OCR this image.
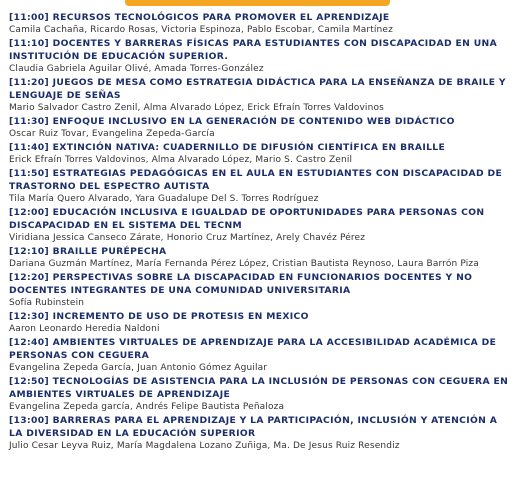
[11:00] RECURSOS TECNOLÓGICOS PARA PROMOVER EL APRENDIZAJE
Camila Cachaña, Ricardo Rosas, Victoria Espinoza, Pablo Escobar, Camila Martínez
[11:10] DOCENTES Y BARRERAS FÍSICAS PARA ESTUDIANTES CON DISCAPACIDAD EN UNA INSTITUCIÓN DE EDUCACIÓN SUPERIOR.
Claudia Gabriela Aguilar Olivé, Amada Torres-González
[11:20] JUEGOS DE MESA COMO ESTRATEGIA DIDÁCTICA PARA LA ENSEÑANZA DE BRAILE Y LENGUAJE DE SEÑAS
Mario Salvador Castro Zenil, Alma Alvarado López, Erick Efraín Torres Valdovinos
[11:30] ENFOQUE INCLUSIVO EN LA GENERACIÓN DE CONTENIDO WEB DIDÁCTICO
Oscar Ruiz Tovar, Evangelina Zepeda-García
[11:40] EXTINCIÓN NATIVA: CUADERNILLO DE DIFUSIÓN CIENTÍFICA EN BRAILLE
Erick Efraín Torres Valdovinos, Alma Alvarado López, Mario S. Castro Zenil
[11:50] ESTRATEGIAS PEDAGÓGICAS EN EL AULA EN ESTUDIANTES CON DISCAPACIDAD DE TRASTORNO DEL ESPECTRO AUTISTA
Tila María Quero Alvarado, Yara Guadalupe Del S. Torres Rodríguez
[12:00] EDUCACIÓN INCLUSIVA E IGUALDAD DE OPORTUNIDADES PARA PERSONAS CON DISCAPACIDAD EN EL SISTEMA DEL TECNM
Viridiana Jessica Canseco Zárate, Honorio Cruz Martínez, Arely Chavéz Pérez
[12:10] BRAILLE PURÉPECHA
Dariana Guzmán Martínez, María Fernanda Pérez López, Cristian Bautista Reynoso, Laura Barrón Piza
[12:20] PERSPECTIVAS SOBRE LA DISCAPACIDAD EN FUNCIONARIOS DOCENTES Y NO DOCENTES INTEGRANTES DE UNA COMUNIDAD UNIVERSITARIA
Sofía Rubinstein
[12:30] INCREMENTO DE USO DE PROTESIS EN MEXICO
Aaron Leonardo Heredia Naldoni
[12:40] AMBIENTES VIRTUALES DE APRENDIZAJE PARA LA ACCESIBILIDAD ACADÉMICA DE PERSONAS CON CEGUERA
Evangelina Zepeda García, Juan Antonio Gómez Aguilar
[12:50] TECNOLOGÍAS DE ASISTENCIA PARA LA INCLUSIÓN DE PERSONAS CON CEGUERA EN AMBIENTES VIRTUALES DE APRENDIZAJE
Evangelina Zepeda garcía, Andrés Felipe Bautista Peñaloza
[13:00] BARRERAS PARA EL APRENDIZAJE Y LA PARTICIPACIÓN, INCLUSIÓN Y ATENCIÓN A LA DIVERSIDAD EN LA EDUCACIÓN SUPERIOR
Julio Cesar Leyva Ruiz, María Magdalena Lozano Zuñiga, Ma. De Jesus Ruiz Resendiz
